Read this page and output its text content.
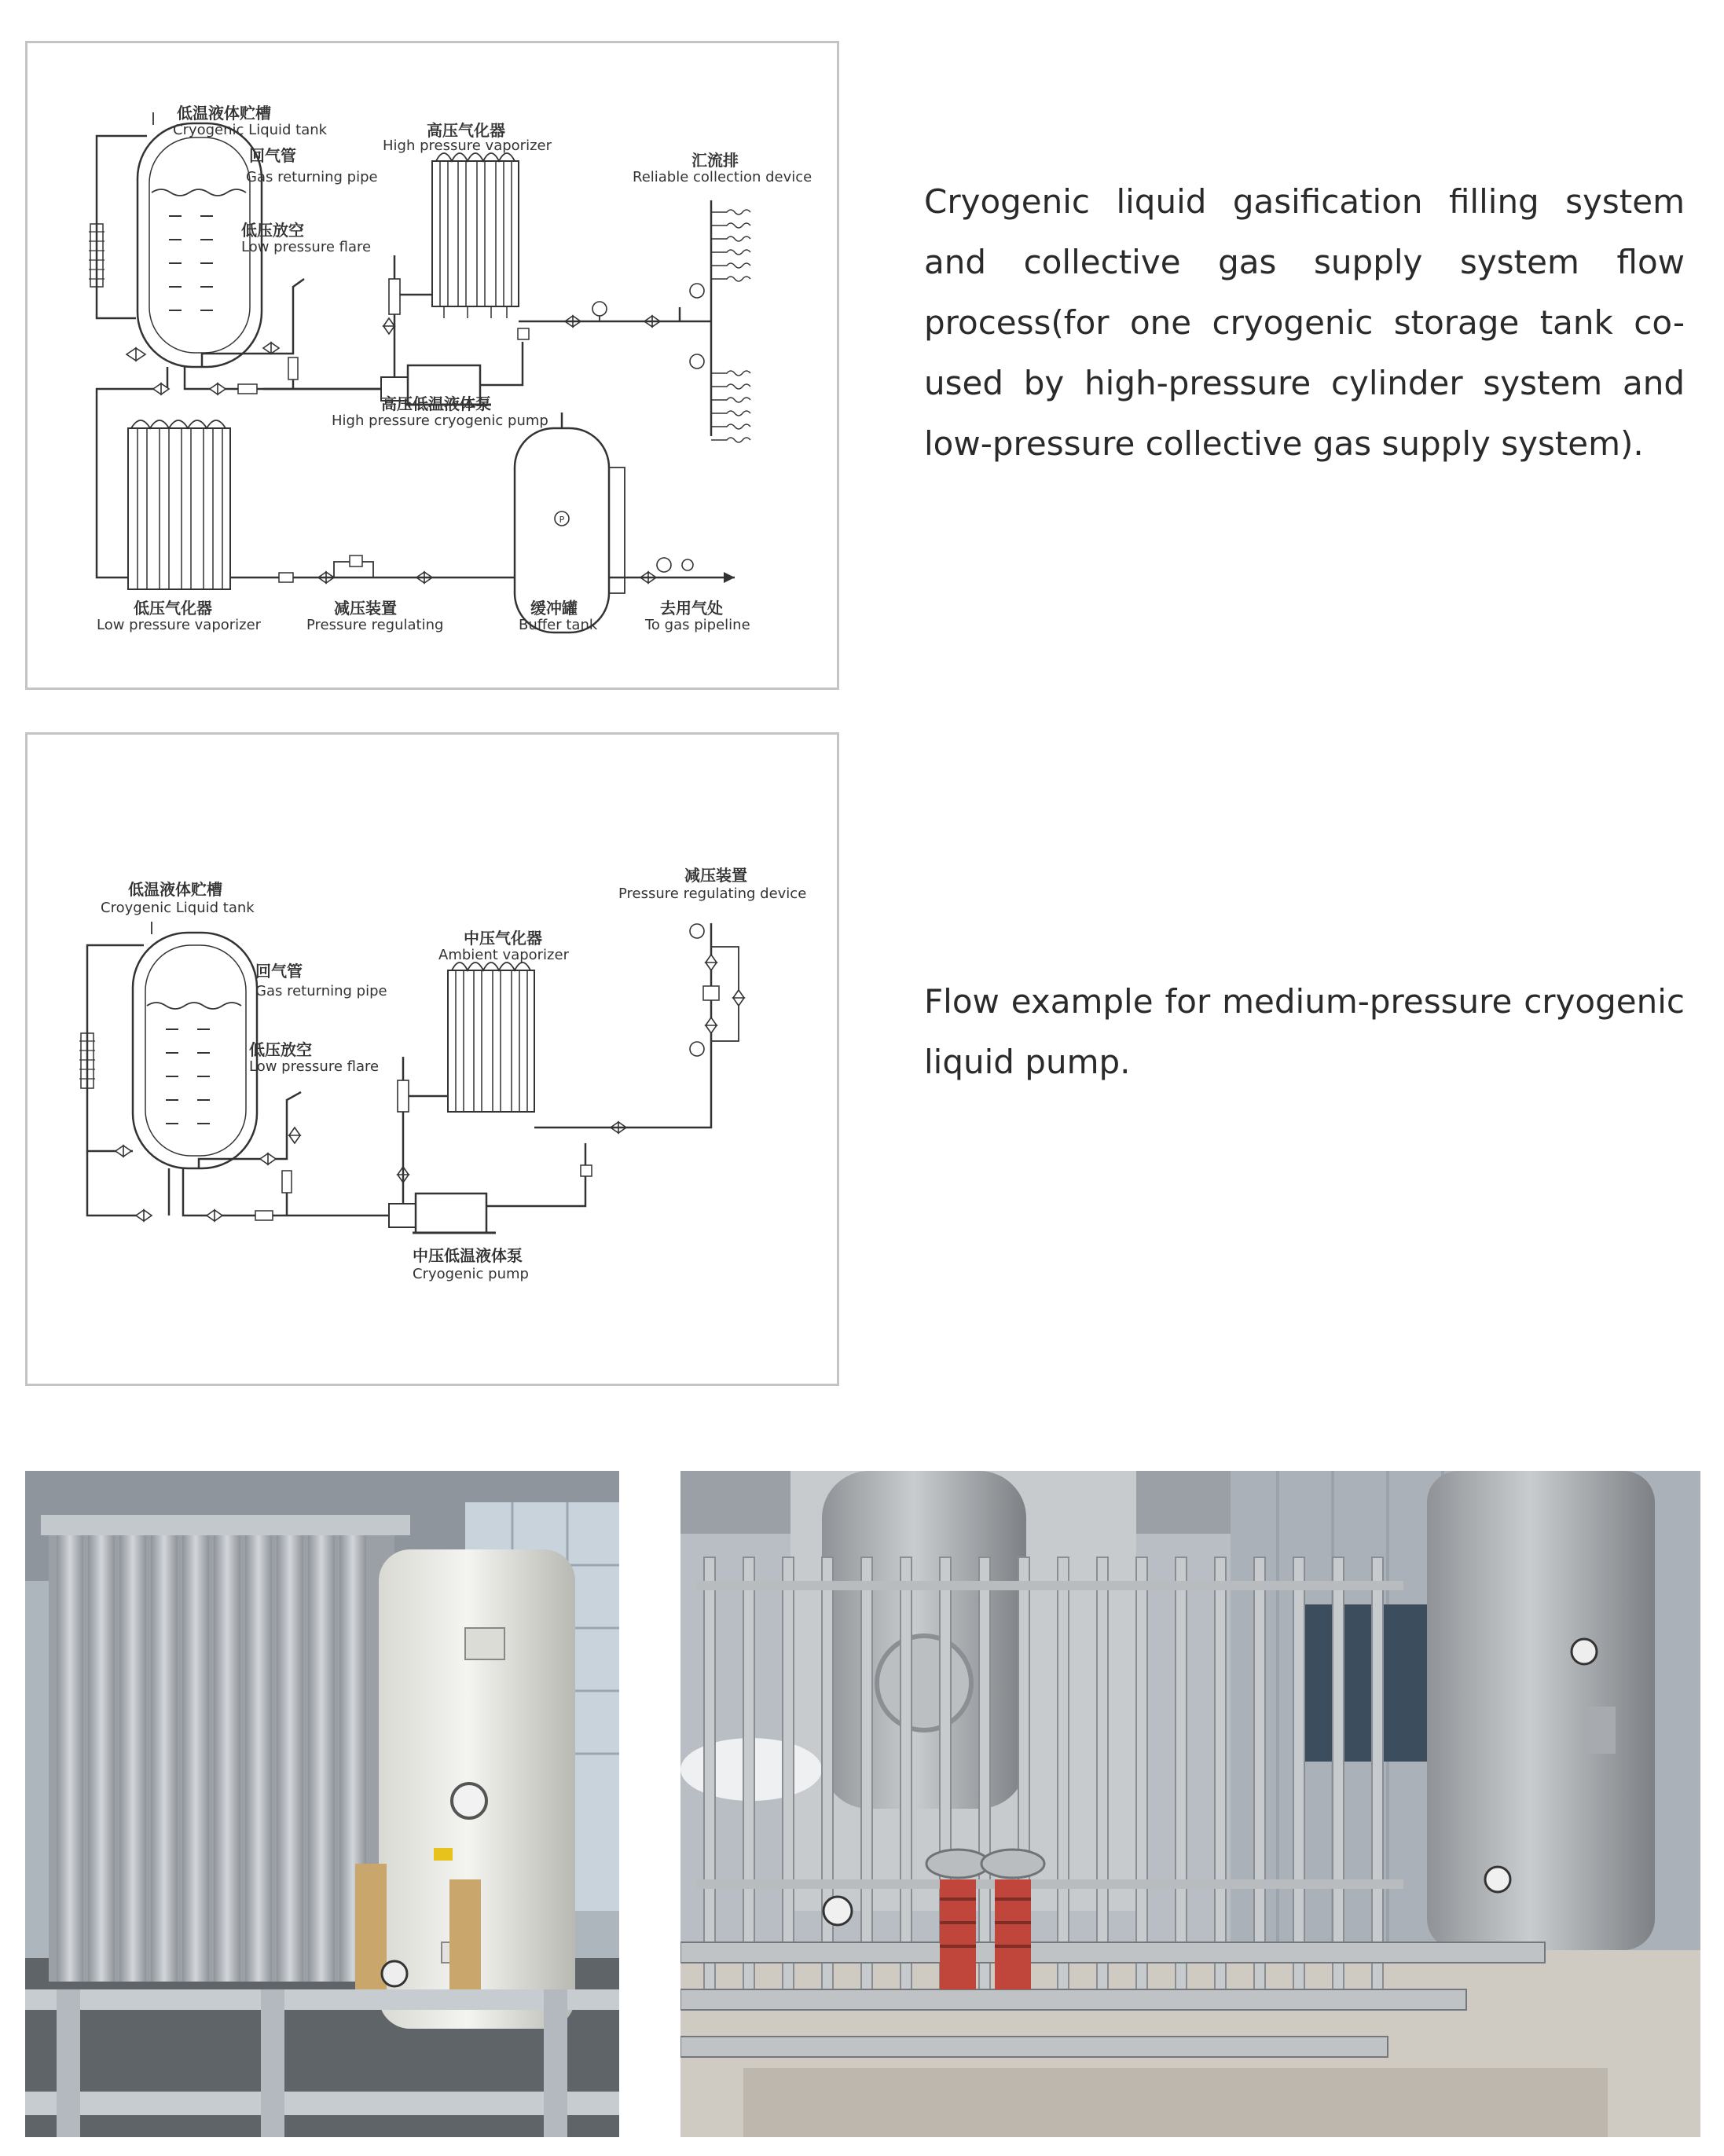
P
低温液体贮槽
Cryogenic Liquid tank
回气管
Gas returning pipe
低压放空
Low pressure flare
高压气化器
High pressure vaporizer
汇流排
Reliable collection device
高压低温液体泵
High pressure cryogenic pump
低压气化器
Low pressure vaporizer
减压装置
Pressure regulating
缓冲罐
Buffer tank
去用气处
To gas pipeline
Cryogenic liquid gasification filling system and collective gas supply system flow process(for one cryogenic storage tank co-used by high-pressure cylinder system and low-pressure collective gas supply system).
低温液体贮槽
Croygenic Liquid tank
回气管
Gas returning pipe
低压放空
Low pressure flare
中压气化器
Ambient vaporizer
减压装置
Pressure regulating device
中压低温液体泵
Cryogenic pump
Flow example for medium-pressure cryogenic liquid pump.
